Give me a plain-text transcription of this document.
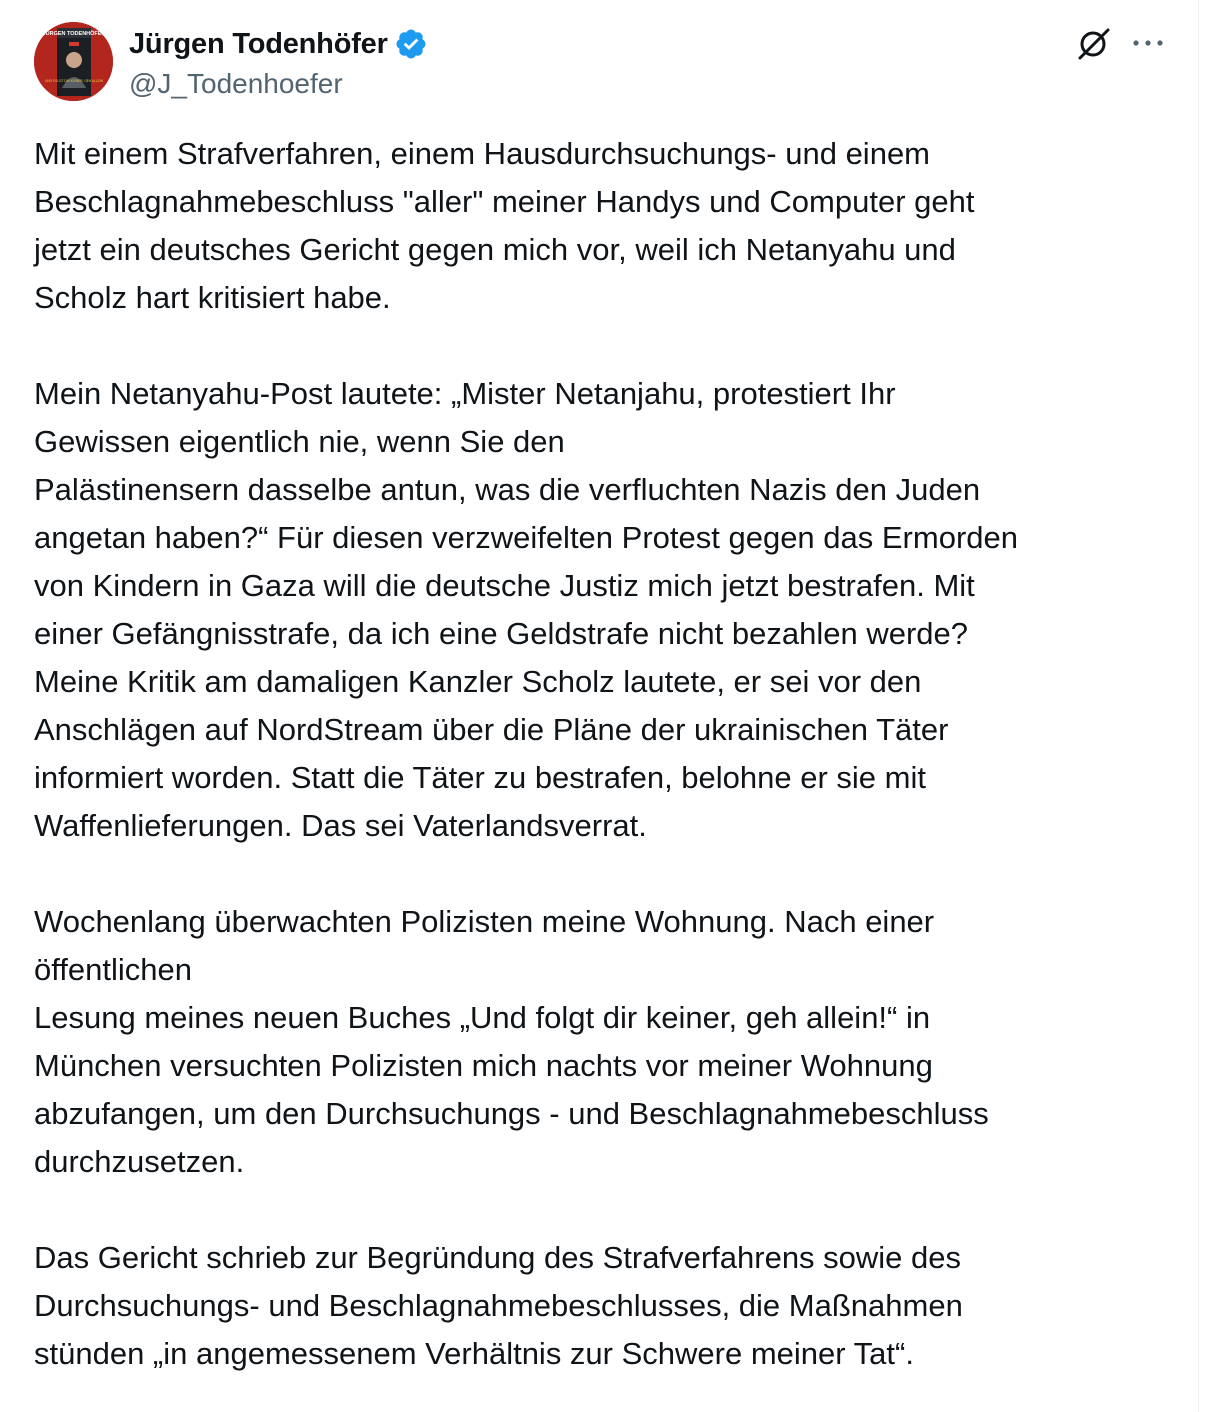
JÜRGEN TODENHÖFER
UND FOLGT DIR KEINER, GEH ALLEIN
Jürgen Todenhöfer
@J_Todenhoefer
Mit einem Strafverfahren, einem Hausdurchsuchungs- und einem
Beschlagnahmebeschluss "aller" meiner Handys und Computer geht
jetzt ein deutsches Gericht gegen mich vor, weil ich Netanyahu und
Scholz hart kritisiert habe.
Mein Netanyahu-Post lautete: „Mister Netanjahu, protestiert Ihr
Gewissen eigentlich nie, wenn Sie den
Palästinensern dasselbe antun, was die verfluchten Nazis den Juden
angetan haben?“ Für diesen verzweifelten Protest gegen das Ermorden
von Kindern in Gaza will die deutsche Justiz mich jetzt bestrafen. Mit
einer Gefängnisstrafe, da ich eine Geldstrafe nicht bezahlen werde?
Meine Kritik am damaligen Kanzler Scholz lautete, er sei vor den
Anschlägen auf NordStream über die Pläne der ukrainischen Täter
informiert worden. Statt die Täter zu bestrafen, belohne er sie mit
Waffenlieferungen. Das sei Vaterlandsverrat.
Wochenlang überwachten Polizisten meine Wohnung. Nach einer
öffentlichen
Lesung meines neuen Buches „Und folgt dir keiner, geh allein!“ in
München versuchten Polizisten mich nachts vor meiner Wohnung
abzufangen, um den Durchsuchungs - und Beschlagnahmebeschluss
durchzusetzen.
Das Gericht schrieb zur Begründung des Strafverfahrens sowie des
Durchsuchungs- und Beschlagnahmebeschlusses, die Maßnahmen
stünden „in angemessenem Verhältnis zur Schwere meiner Tat“.
